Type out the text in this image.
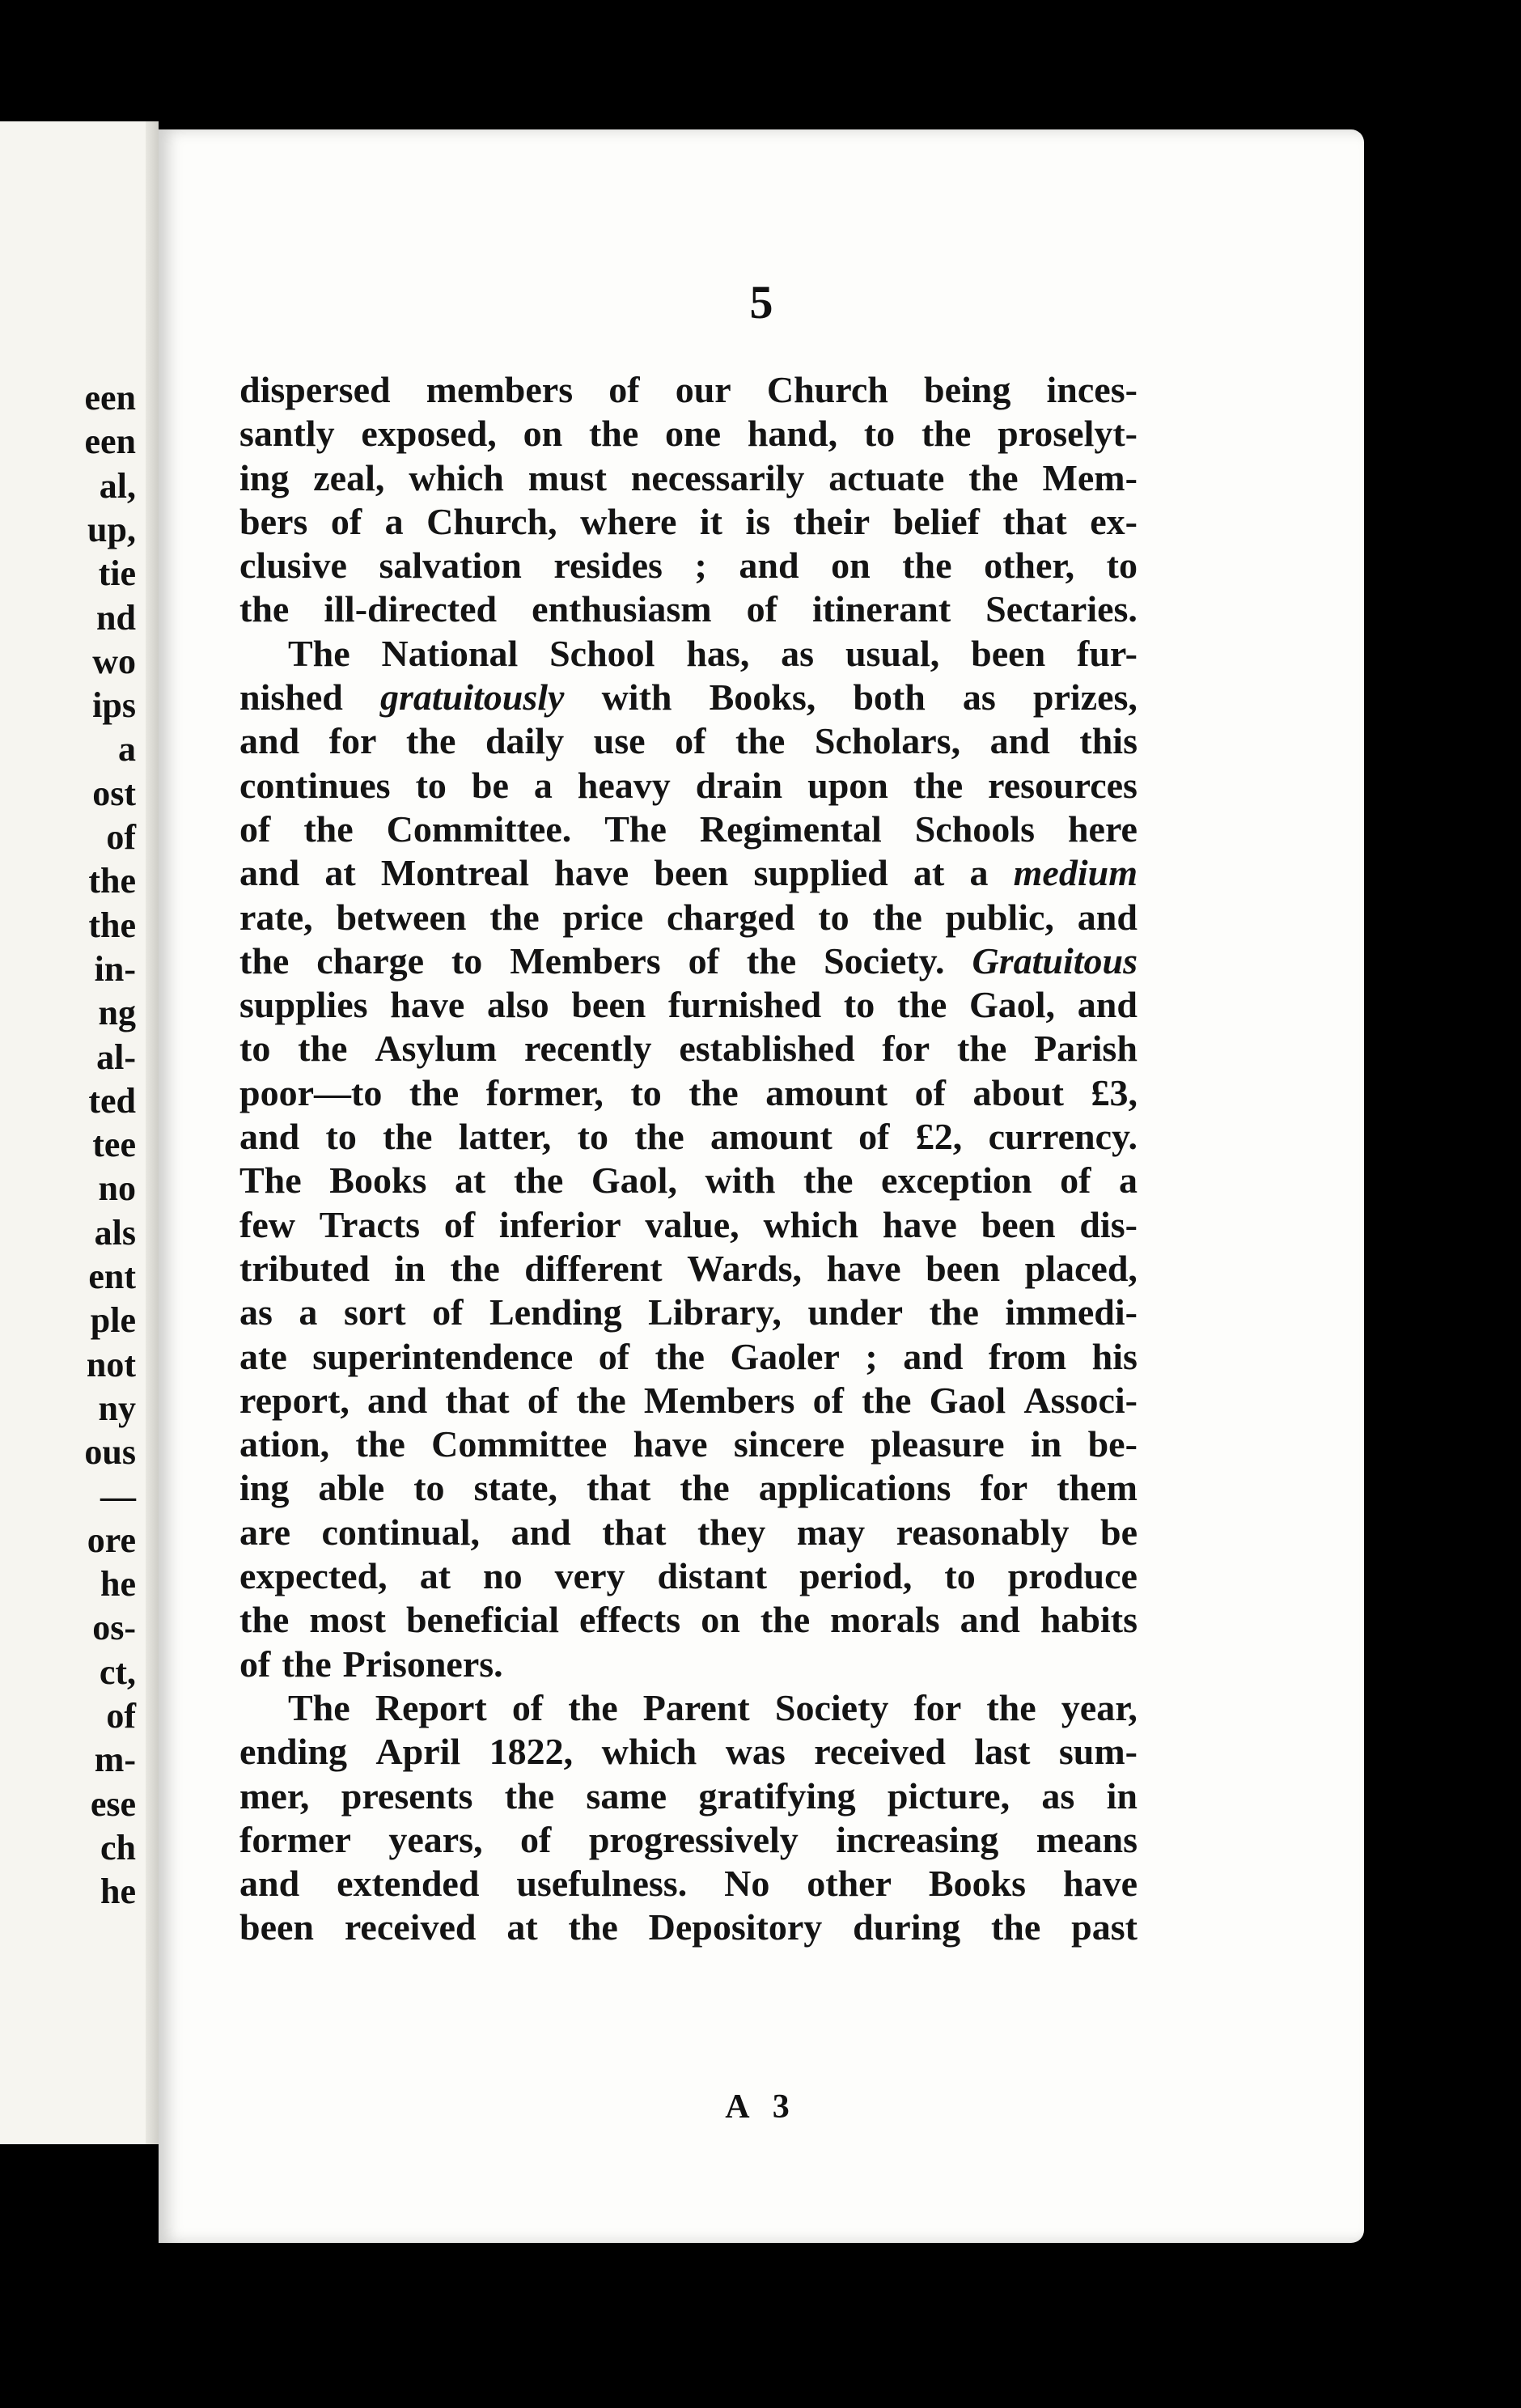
een
een
al,
up,
tie
nd
wo
ips
a
ost
of
the
the
in-
ng
al-
ted
tee
no
als
ent
ple
not
ny
ous
—
ore
he
os-
ct,
of
m-
ese
ch
he
5
dispersed members of our Church being inces-
santly exposed, on the one hand, to the proselyt-
ing zeal, which must necessarily actuate the Mem-
bers of a Church, where it is their belief that ex-
clusive salvation resides ; and on the other, to
the ill-directed enthusiasm of itinerant Sectaries.
The National School has, as usual, been fur-
nished gratuitously with Books, both as prizes,
and for the daily use of the Scholars, and this
continues to be a heavy drain upon the resources
of the Committee. The Regimental Schools here
and at Montreal have been supplied at a medium
rate, between the price charged to the public, and
the charge to Members of the Society. Gratuitous
supplies have also been furnished to the Gaol, and
to the Asylum recently established for the Parish
poor—to the former, to the amount of about £3,
and to the latter, to the amount of £2, currency.
The Books at the Gaol, with the exception of a
few Tracts of inferior value, which have been dis-
tributed in the different Wards, have been placed,
as a sort of Lending Library, under the immedi-
ate superintendence of the Gaoler ; and from his
report, and that of the Members of the Gaol Associ-
ation, the Committee have sincere pleasure in be-
ing able to state, that the applications for them
are continual, and that they may reasonably be
expected, at no very distant period, to produce
the most beneficial effects on the morals and habits
of the Prisoners.
The Report of the Parent Society for the year,
ending April 1822, which was received last sum-
mer, presents the same gratifying picture, as in
former years, of progressively increasing means
and extended usefulness. No other Books have
been received at the Depository during the past
A 3
